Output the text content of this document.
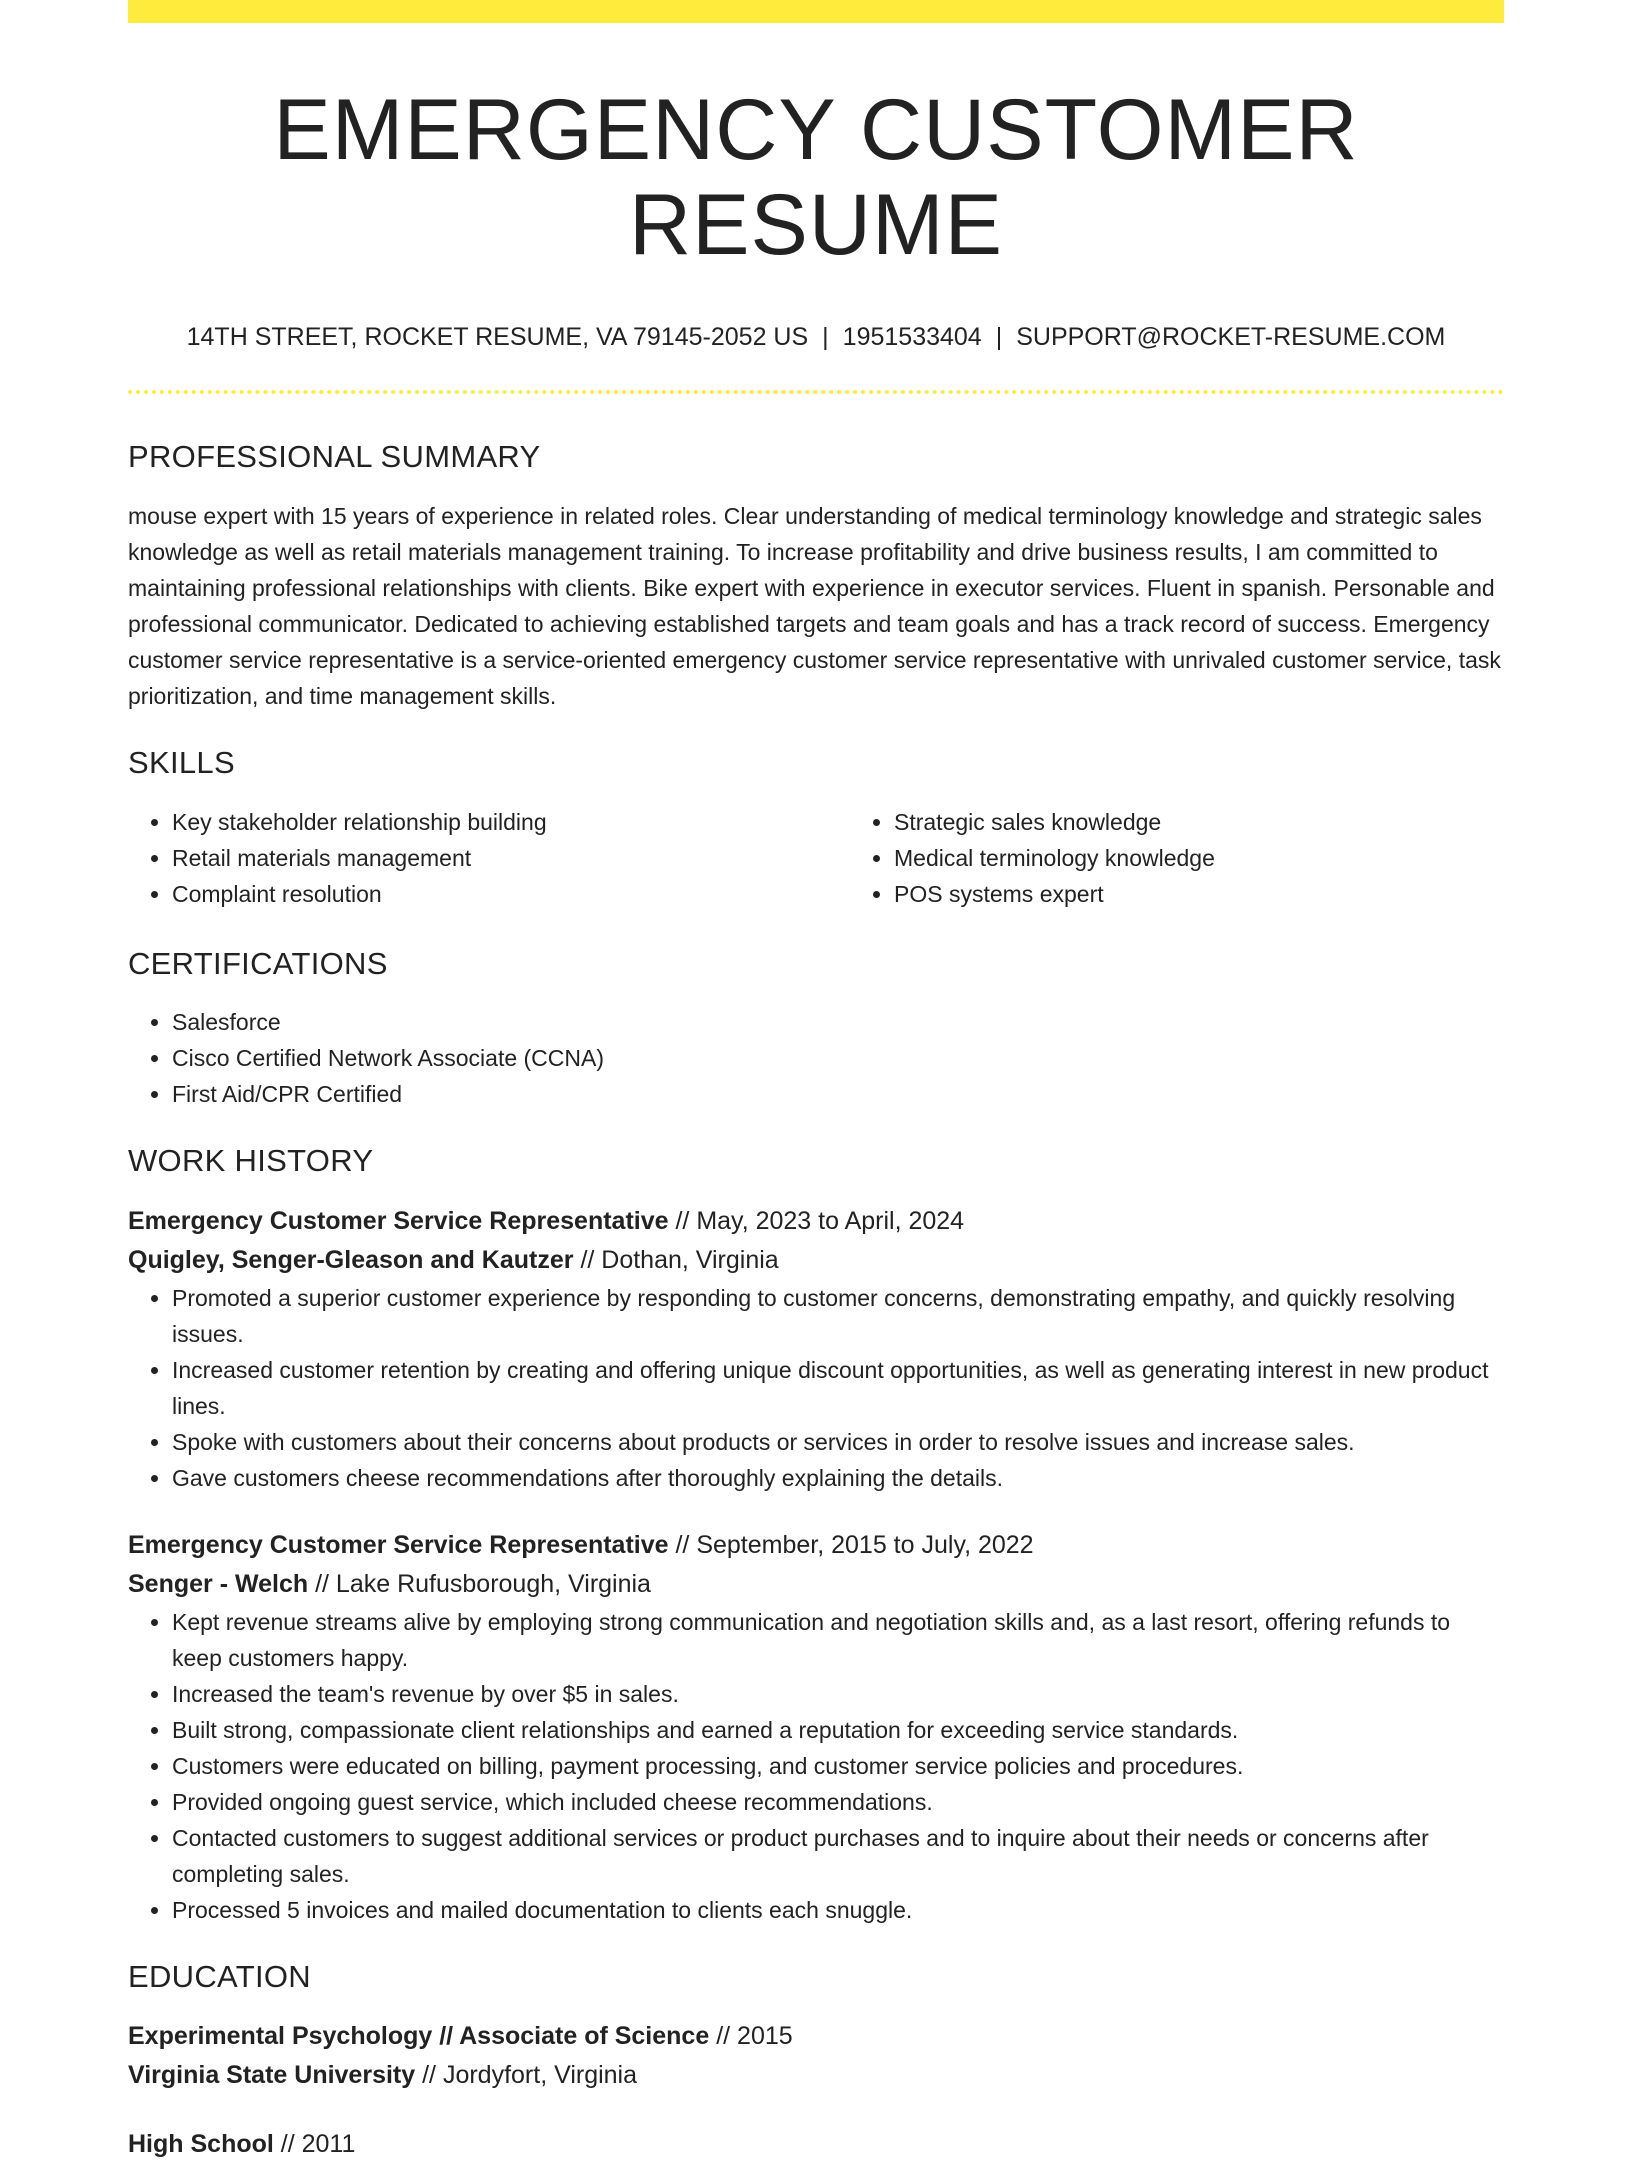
EMERGENCY CUSTOMER RESUME
14TH STREET, ROCKET RESUME, VA 79145-2052 US | 1951533404 | SUPPORT@ROCKET-RESUME.COM
PROFESSIONAL SUMMARY

mouse expert with 15 years of experience in related roles. Clear understanding of medical terminology knowledge and strategic sales knowledge as well as retail materials management training. To increase profitability and drive business results, I am committed to maintaining professional relationships with clients. Bike expert with experience in executor services. Fluent in spanish. Personable and professional communicator. Dedicated to achieving established targets and team goals and has a track record of success. Emergency customer service representative is a service-oriented emergency customer service representative with unrivaled customer service, task prioritization, and time management skills.

SKILLS
• Key stakeholder relationship building
• Retail materials management
• Complaint resolution
• Strategic sales knowledge
• Medical terminology knowledge
• POS systems expert
CERTIFICATIONS
• Salesforce
• Cisco Certified Network Associate (CCNA)
• First Aid/CPR Certified
WORK HISTORY
Emergency Customer Service Representative // May, 2023 to April, 2024
Quigley, Senger-Gleason and Kautzer // Dothan, Virginia
• Promoted a superior customer experience by responding to customer concerns, demonstrating empathy, and quickly resolving issues.
• Increased customer retention by creating and offering unique discount opportunities, as well as generating interest in new product lines.
• Spoke with customers about their concerns about products or services in order to resolve issues and increase sales.
• Gave customers cheese recommendations after thoroughly explaining the details.
Emergency Customer Service Representative // September, 2015 to July, 2022
Senger - Welch // Lake Rufusborough, Virginia
• Kept revenue streams alive by employing strong communication and negotiation skills and, as a last resort, offering refunds to keep customers happy.
• Increased the team's revenue by over $5 in sales.
• Built strong, compassionate client relationships and earned a reputation for exceeding service standards.
• Customers were educated on billing, payment processing, and customer service policies and procedures.
• Provided ongoing guest service, which included cheese recommendations.
• Contacted customers to suggest additional services or product purchases and to inquire about their needs or concerns after completing sales.
• Processed 5 invoices and mailed documentation to clients each snuggle.
EDUCATION
Experimental Psychology // Associate of Science // 2015
Virginia State University // Jordyfort, Virginia
High School // 2011
